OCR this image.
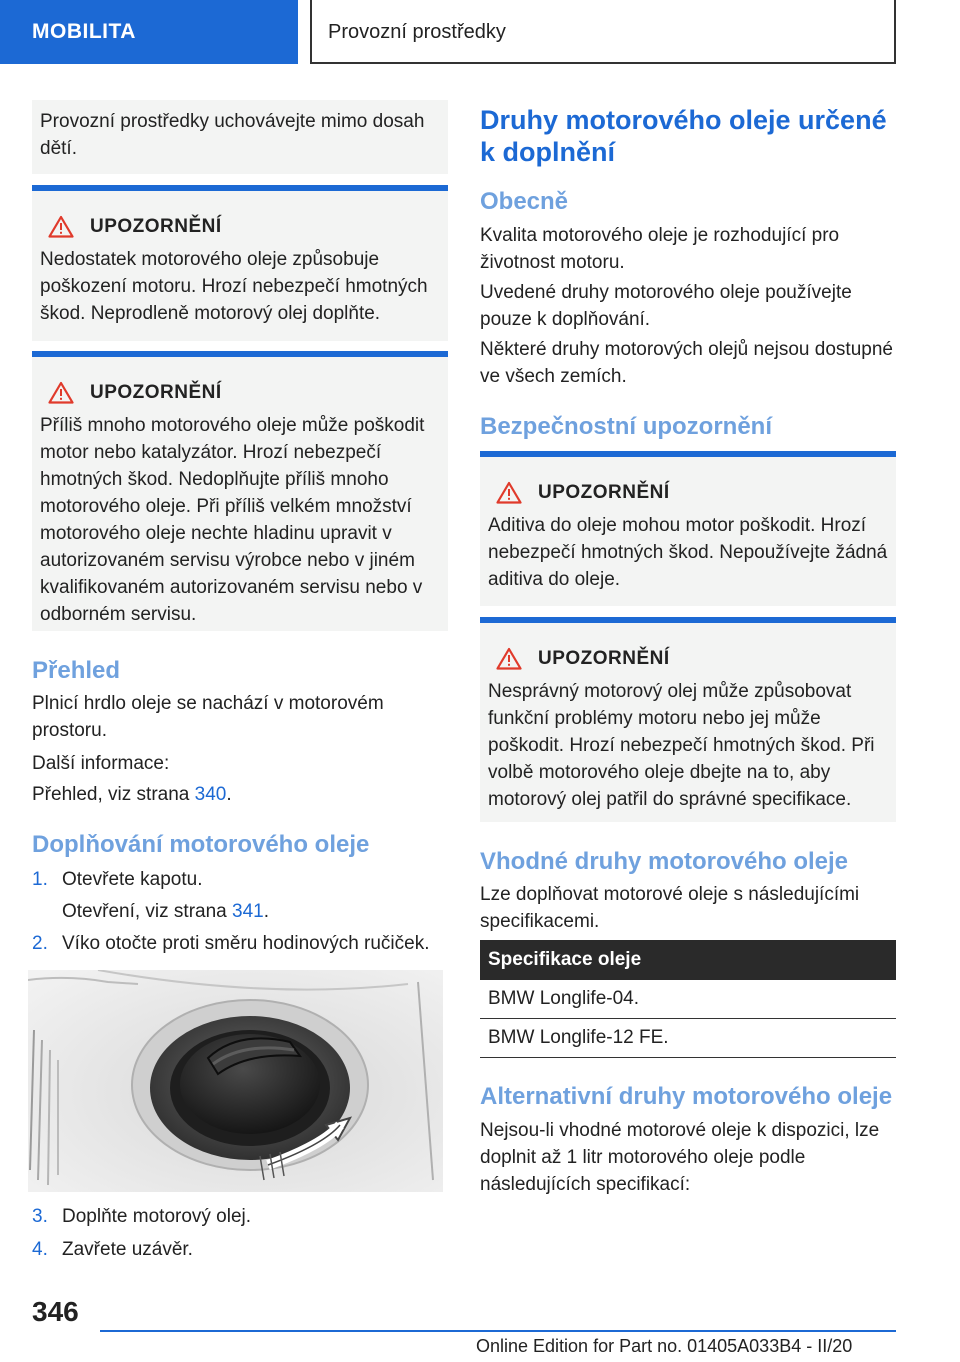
MOBILITA	Provozní prostředky
Provozní prostředky uchovávejte mimo dosah dětí.
UPOZORNĚNÍ
Nedostatek motorového oleje způsobuje poškození motoru. Hrozí nebezpečí hmotných škod. Neprodleně motorový olej doplňte.
UPOZORNĚNÍ
Příliš mnoho motorového oleje může poškodit motor nebo katalyzátor. Hrozí nebezpečí hmotných škod. Nedoplňujte příliš mnoho motorového oleje. Při příliš velkém množství motorového oleje nechte hladinu upravit v autorizovaném servisu výrobce nebo v jiném kvalifikovaném autorizovaném servisu nebo v odborném servisu.
Přehled
Plnicí hrdlo oleje se nachází v motorovém prostoru.
Další informace:
Přehled, viz strana 340.
Doplňování motorového oleje
1. Otevřete kapotu.
Otevření, viz strana 341.
2. Víko otočte proti směru hodinových ručiček.
3. Doplňte motorový olej.
4. Zavřete uzávěr.
Druhy motorového oleje určené k doplnění
Obecně
Kvalita motorového oleje je rozhodující pro životnost motoru.
Uvedené druhy motorového oleje používejte pouze k doplňování.
Některé druhy motorových olejů nejsou dostupné ve všech zemích.
Bezpečnostní upozornění
UPOZORNĚNÍ
Aditiva do oleje mohou motor poškodit. Hrozí nebezpečí hmotných škod. Nepoužívejte žádná aditiva do oleje.
UPOZORNĚNÍ
Nesprávný motorový olej může způsobovat funkční problémy motoru nebo jej může poškodit. Hrozí nebezpečí hmotných škod. Při volbě motorového oleje dbejte na to, aby motorový olej patřil do správné specifikace.
Vhodné druhy motorového oleje
Lze doplňovat motorové oleje s následujícími specifikacemi.
Alternativní druhy motorového oleje
Nejsou-li vhodné motorové oleje k dispozici, lze doplnit až 1 litr motorového oleje podle následujících specifikací:
Specifikace oleje
BMW Longlife-04.
BMW Longlife-12 FE.
346
Online Edition for Part no. 01405A033B4 - II/20
